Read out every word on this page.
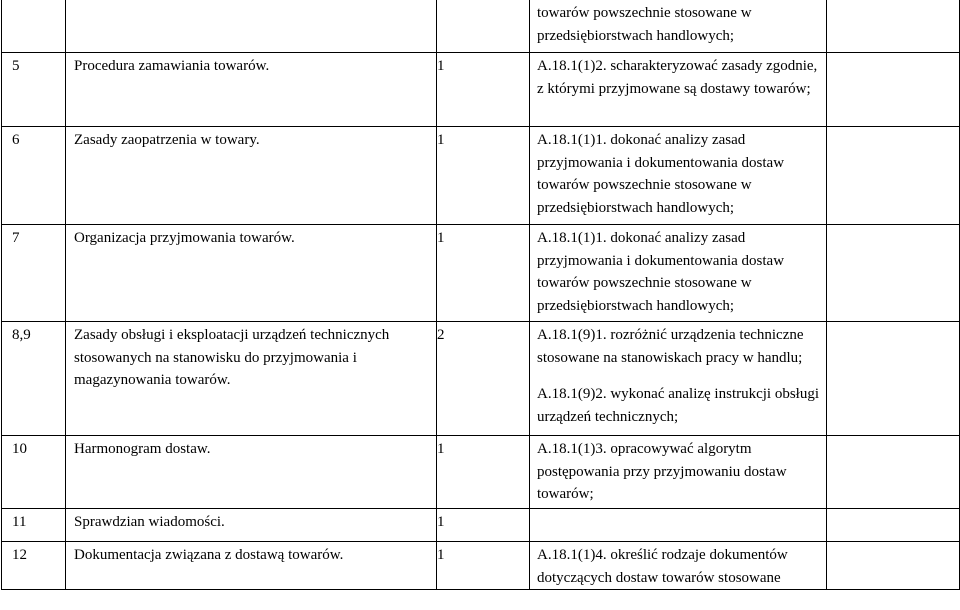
			towarów powszechnie stosowane w przedsiębiorstwach handlowych;	

5	Procedura zamawiania towarów.	1	A.18.1(1)2. scharakteryzować zasady zgodnie, z którymi przyjmowane są dostawy towarów;	

6	Zasady zaopatrzenia w towary.	1	A.18.1(1)1. dokonać analizy zasad przyjmowania i dokumentowania dostaw towarów powszechnie stosowane w przedsiębiorstwach handlowych;	

7	Organizacja przyjmowania towarów.	1	A.18.1(1)1. dokonać analizy zasad przyjmowania i dokumentowania dostaw towarów powszechnie stosowane w przedsiębiorstwach handlowych;	

8,9	Zasady obsługi i eksploatacji urządzeń technicznych stosowanych na stanowisku do przyjmowania i magazynowania towarów.	2	A.18.1(9)1. rozróżnić urządzenia techniczne stosowane na stanowiskach pracy w handlu;
A.18.1(9)2. wykonać analizę instrukcji obsługi urządzeń technicznych;	

10	Harmonogram dostaw.	1	A.18.1(1)3. opracowywać algorytm postępowania przy przyjmowaniu dostaw towarów;	

11	Sprawdzian wiadomości.	1	

12	Dokumentacja związana z dostawą towarów.	1	A.18.1(1)4. określić rodzaje dokumentów dotyczących dostaw towarów stosowane	
